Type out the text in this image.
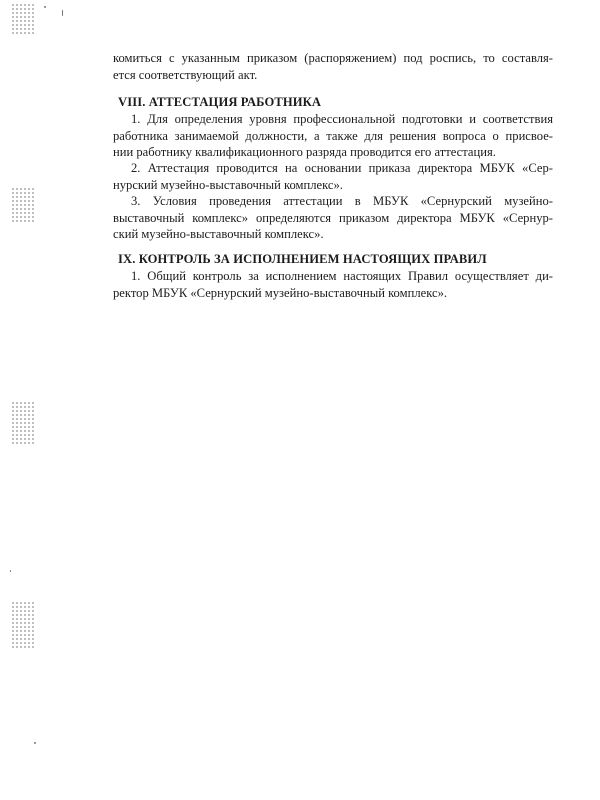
комиться с указанным приказом (распоряжением) под роспись, то составля-
ется соответствующий акт.
VIII. АТТЕСТАЦИЯ РАБОТНИКА
1. Для определения уровня профессиональной подготовки и соответствия
работника занимаемой должности, а также для решения вопроса о присвое-
нии работнику квалификационного разряда проводится его аттестация.
2. Аттестация проводится на основании приказа директора МБУК «Сер-
нурский музейно-выставочный комплекс».
3. Условия проведения аттестации в МБУК «Сернурский музейно-
выставочный комплекс» определяются приказом директора МБУК «Сернур-
ский музейно-выставочный комплекс».
IX. КОНТРОЛЬ ЗА ИСПОЛНЕНИЕМ НАСТОЯЩИХ ПРАВИЛ
1. Общий контроль за исполнением настоящих Правил осуществляет ди-
ректор МБУК «Сернурский музейно-выставочный комплекс».
